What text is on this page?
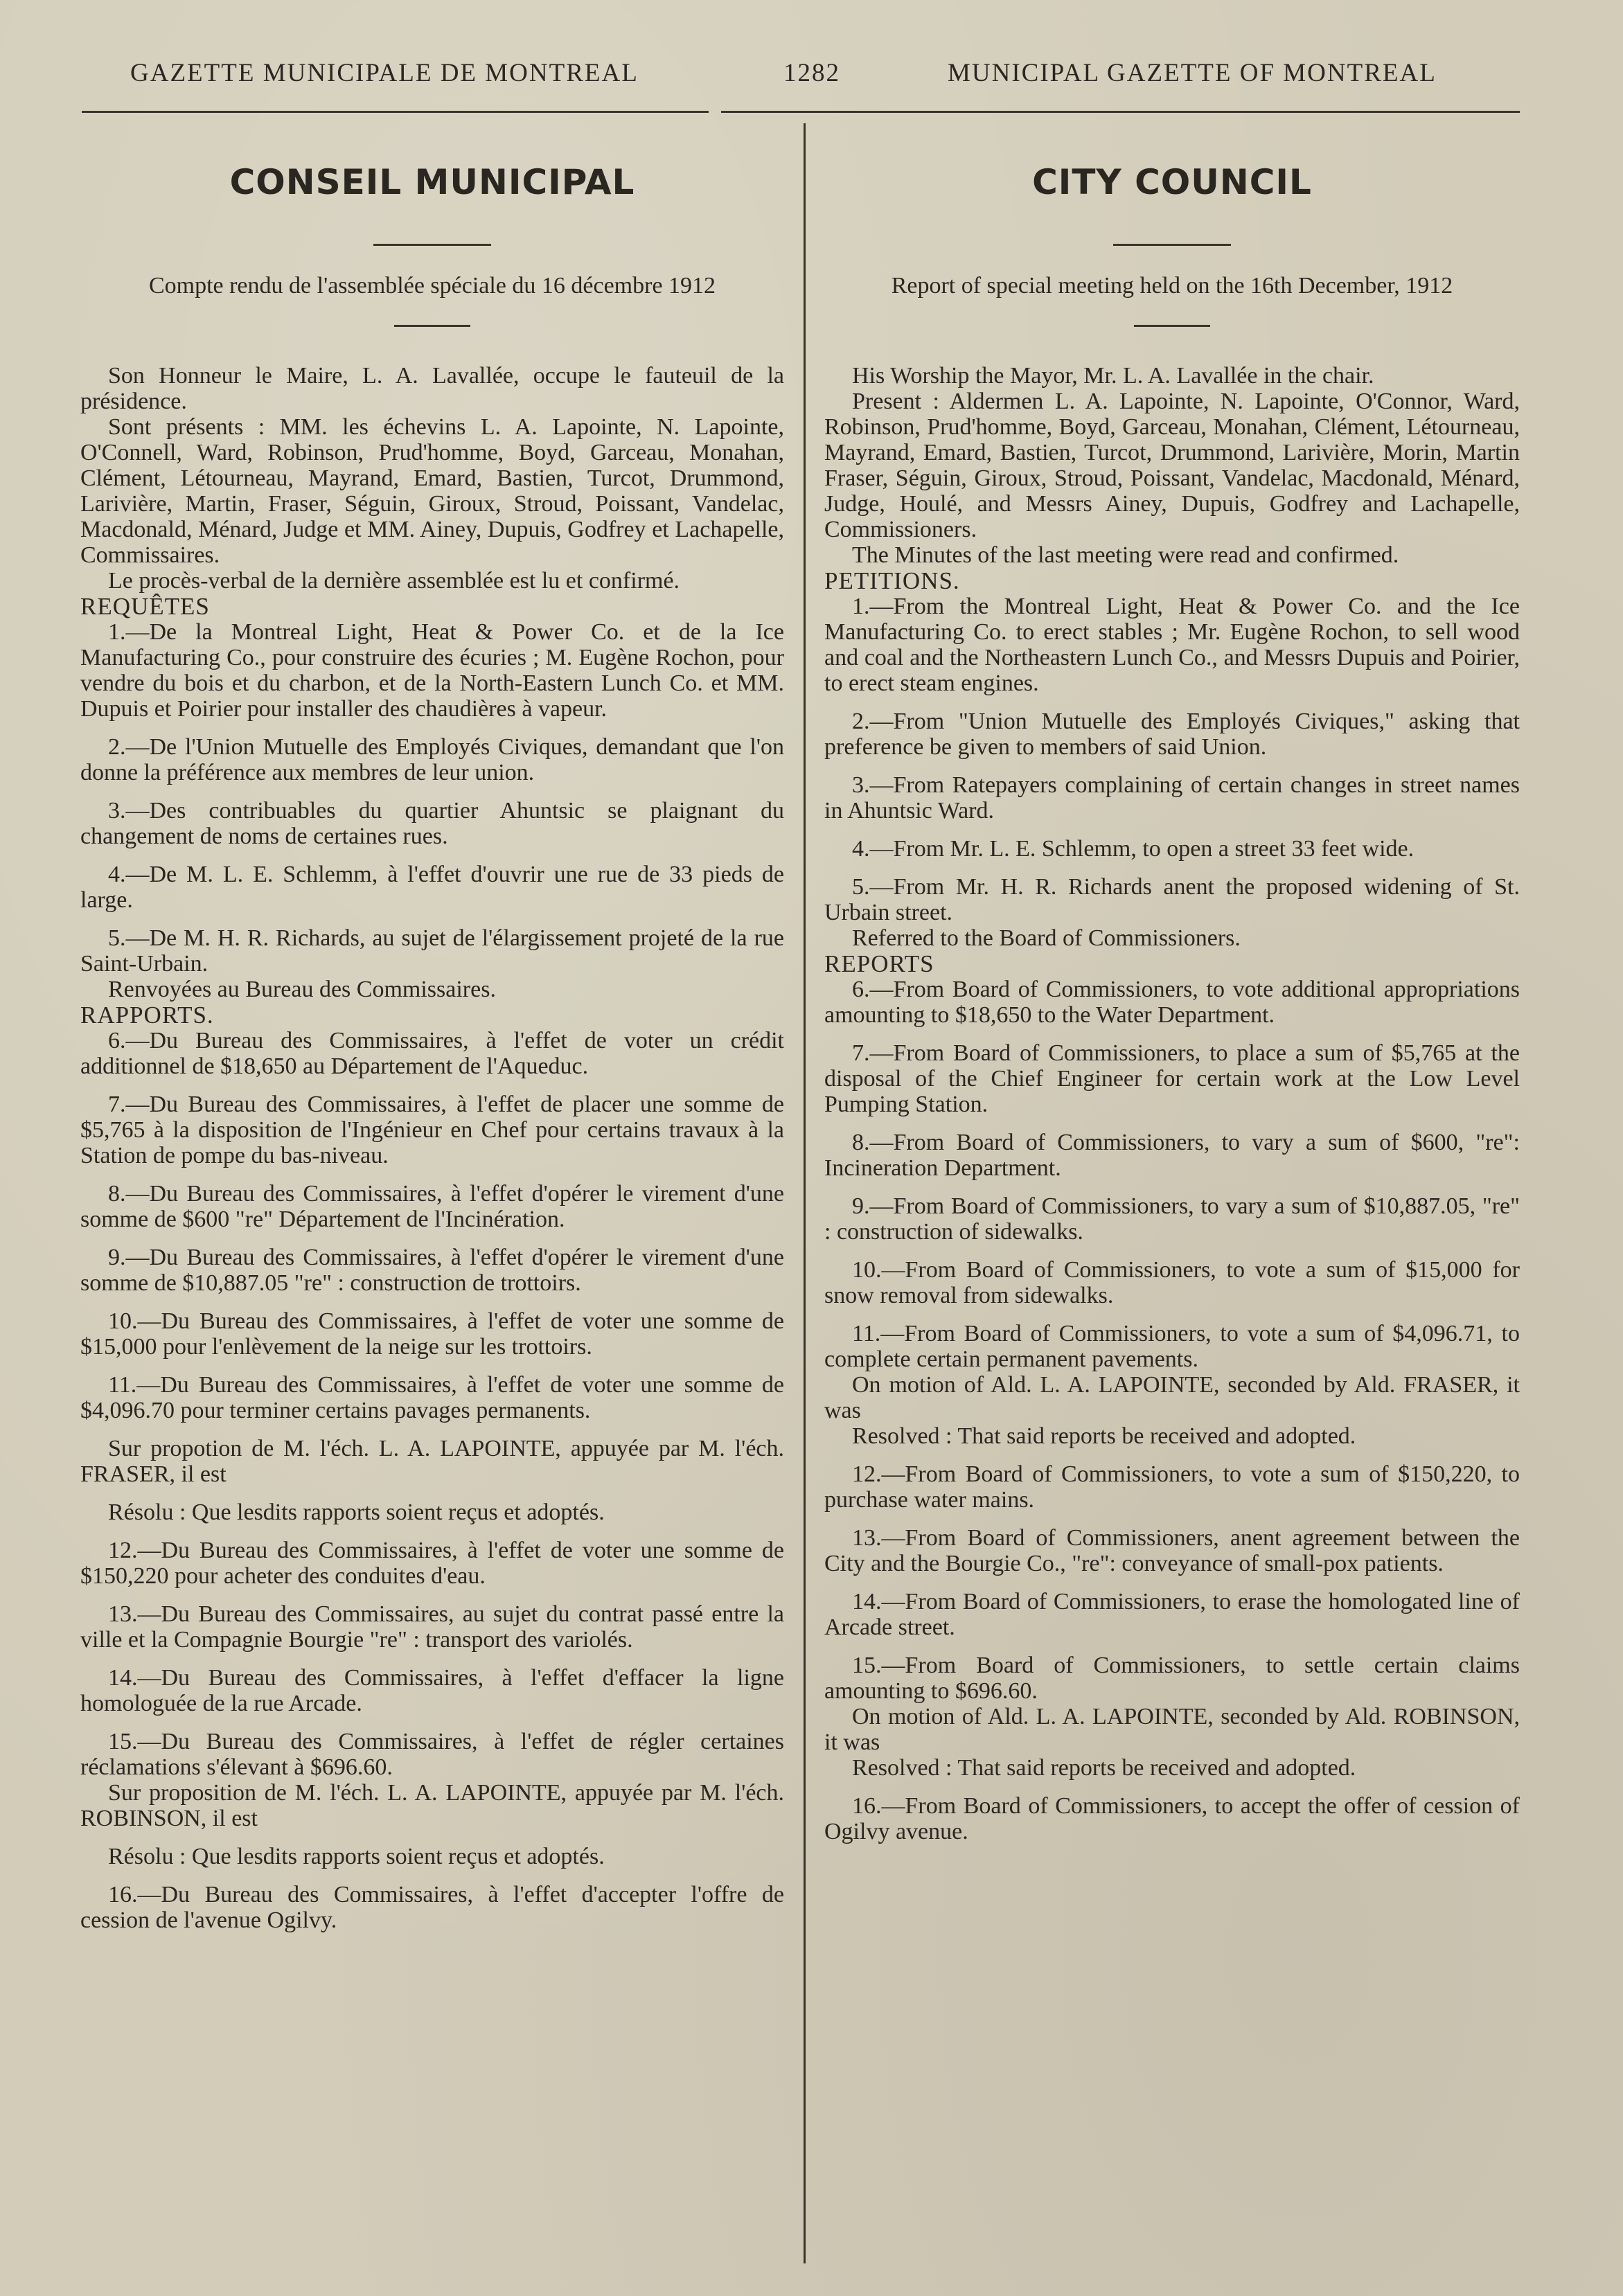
GAZETTE MUNICIPALE DE MONTREAL	1282	MUNICIPAL GAZETTE OF MONTREAL
CONSEIL MUNICIPAL
Compte rendu de l'assemblée spéciale du 16 décembre 1912

Son Honneur le Maire, L. A. Lavallée, occupe le fauteuil de la présidence.

Sont présents : MM. les échevins L. A. Lapointe, N. Lapointe, O'Connell, Ward, Robinson, Prud'homme, Boyd, Garceau, Monahan, Clément, Létourneau, Mayrand, Emard, Bastien, Turcot, Drummond, Larivière, Martin, Fraser, Séguin, Giroux, Stroud, Poissant, Vandelac, Macdonald, Ménard, Judge et MM. Ainey, Dupuis, Godfrey et Lachapelle, Commissaires.

Le procès-verbal de la dernière assemblée est lu et confirmé.

REQUÊTES

1.—De la Montreal Light, Heat & Power Co. et de la Ice Manufacturing Co., pour construire des écuries ; M. Eugène Rochon, pour vendre du bois et du charbon, et de la North-Eastern Lunch Co. et MM. Dupuis et Poirier pour installer des chaudières à vapeur.

2.—De l'Union Mutuelle des Employés Civiques, demandant que l'on donne la préférence aux membres de leur union.

3.—Des contribuables du quartier Ahuntsic se plaignant du changement de noms de certaines rues.

4.—De M. L. E. Schlemm, à l'effet d'ouvrir une rue de 33 pieds de large.

5.—De M. H. R. Richards, au sujet de l'élargissement projeté de la rue Saint-Urbain.

Renvoyées au Bureau des Commissaires.

RAPPORTS.

6.—Du Bureau des Commissaires, à l'effet de voter un crédit additionnel de $18,650 au Département de l'Aqueduc.

7.—Du Bureau des Commissaires, à l'effet de placer une somme de $5,765 à la disposition de l'Ingénieur en Chef pour certains travaux à la Station de pompe du bas-niveau.

8.—Du Bureau des Commissaires, à l'effet d'opérer le virement d'une somme de $600 "re" Département de l'Incinération.

9.—Du Bureau des Commissaires, à l'effet d'opérer le virement d'une somme de $10,887.05 "re" : construction de trottoirs.

10.—Du Bureau des Commissaires, à l'effet de voter une somme de $15,000 pour l'enlèvement de la neige sur les trottoirs.

11.—Du Bureau des Commissaires, à l'effet de voter une somme de $4,096.70 pour terminer certains pavages permanents.

Sur propotion de M. l'éch. L. A. LAPOINTE, appuyée par M. l'éch. FRASER, il est

Résolu : Que lesdits rapports soient reçus et adoptés.

12.—Du Bureau des Commissaires, à l'effet de voter une somme de $150,220 pour acheter des conduites d'eau.

13.—Du Bureau des Commissaires, au sujet du contrat passé entre la ville et la Compagnie Bourgie "re" : transport des variolés.

14.—Du Bureau des Commissaires, à l'effet d'effacer la ligne homologuée de la rue Arcade.

15.—Du Bureau des Commissaires, à l'effet de régler certaines réclamations s'élevant à $696.60.

Sur proposition de M. l'éch. L. A. LAPOINTE, appuyée par M. l'éch. ROBINSON, il est

Résolu : Que lesdits rapports soient reçus et adoptés.

16.—Du Bureau des Commissaires, à l'effet d'accepter l'offre de cession de l'avenue Ogilvy.

CITY COUNCIL
Report of special meeting held on the 16th December, 1912

His Worship the Mayor, Mr. L. A. Lavallée in the chair.

Present : Aldermen L. A. Lapointe, N. Lapointe, O'Connor, Ward, Robinson, Prud'homme, Boyd, Garceau, Monahan, Clément, Létourneau, Mayrand, Emard, Bastien, Turcot, Drummond, Larivière, Morin, Martin Fraser, Séguin, Giroux, Stroud, Poissant, Vandelac, Macdonald, Ménard, Judge, Houlé, and Messrs Ainey, Dupuis, Godfrey and Lachapelle, Commissioners.

The Minutes of the last meeting were read and confirmed.

PETITIONS.

1.—From the Montreal Light, Heat & Power Co. and the Ice Manufacturing Co. to erect stables ; Mr. Eugène Rochon, to sell wood and coal and the Northeastern Lunch Co., and Messrs Dupuis and Poirier, to erect steam engines.

2.—From "Union Mutuelle des Employés Civiques," asking that preference be given to members of said Union.

3.—From Ratepayers complaining of certain changes in street names in Ahuntsic Ward.

4.—From Mr. L. E. Schlemm, to open a street 33 feet wide.

5.—From Mr. H. R. Richards anent the proposed widening of St. Urbain street.

Referred to the Board of Commissioners.

REPORTS

6.—From Board of Commissioners, to vote additional appropriations amounting to $18,650 to the Water Department.

7.—From Board of Commissioners, to place a sum of $5,765 at the disposal of the Chief Engineer for certain work at the Low Level Pumping Station.

8.—From Board of Commissioners, to vary a sum of $600, "re": Incineration Department.

9.—From Board of Commissioners, to vary a sum of $10,887.05, "re" : construction of sidewalks.

10.—From Board of Commissioners, to vote a sum of $15,000 for snow removal from sidewalks.

11.—From Board of Commissioners, to vote a sum of $4,096.71, to complete certain permanent pavements.

On motion of Ald. L. A. LAPOINTE, seconded by Ald. FRASER, it was

Resolved : That said reports be received and adopted.

12.—From Board of Commissioners, to vote a sum of $150,220, to purchase water mains.

13.—From Board of Commissioners, anent agreement between the City and the Bourgie Co., "re": conveyance of small-pox patients.

14.—From Board of Commissioners, to erase the homologated line of Arcade street.

15.—From Board of Commissioners, to settle certain claims amounting to $696.60.

On motion of Ald. L. A. LAPOINTE, seconded by Ald. ROBINSON, it was

Resolved : That said reports be received and adopted.

16.—From Board of Commissioners, to accept the offer of cession of Ogilvy avenue.
